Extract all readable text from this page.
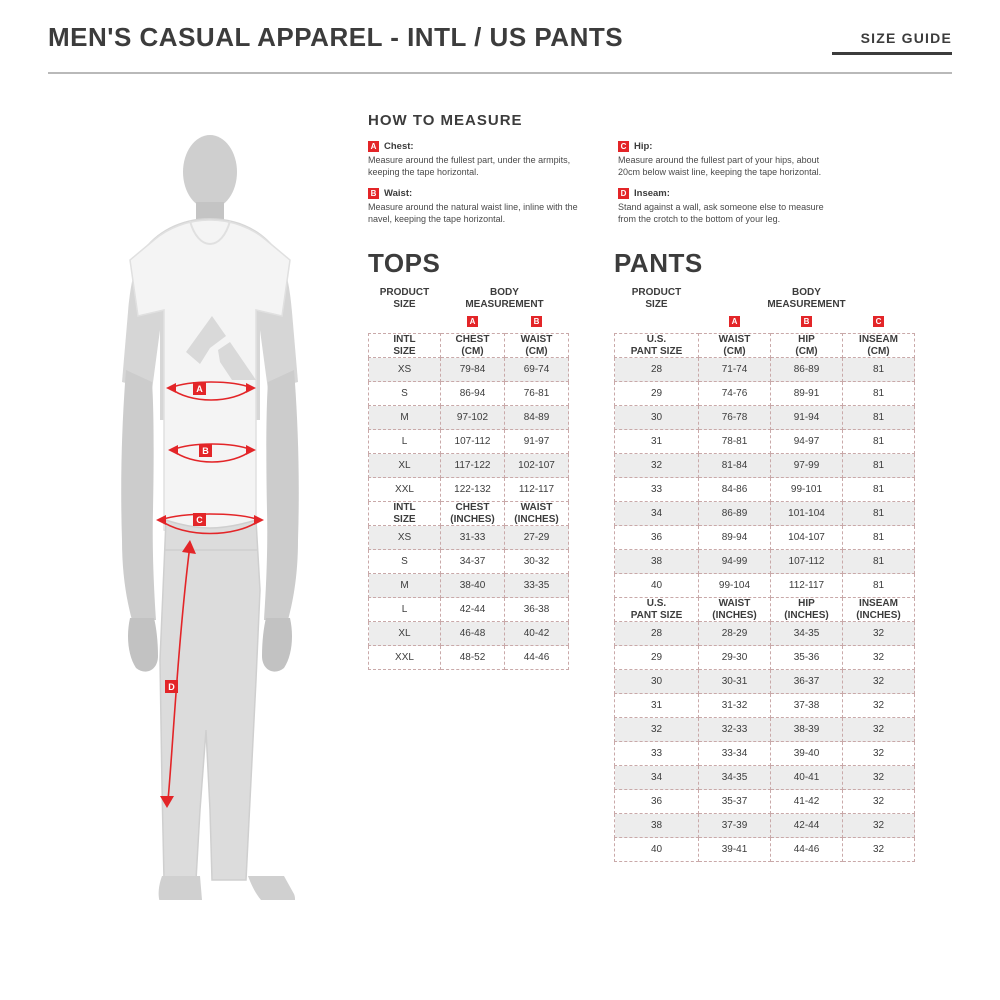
MEN'S CASUAL APPAREL - INTL / US PANTS	SIZE GUIDE
A
B
C
D
HOW TO MEASURE
A Chest:
Measure around the fullest part, under the armpits, keeping the tape horizontal.
B Waist:
Measure around the natural waist line, inline with the navel, keeping the tape horizontal.
C Hip:
Measure around the fullest part of your hips, about 20cm below waist line, keeping the tape horizontal.
D Inseam:
Stand against a wall, ask someone else to measure from the crotch to the bottom of your leg.
TOPS
PRODUCT
SIZE

BODY
MEASUREMENT

	A	B

INTL
SIZE

CHEST
(CM)

WAIST
(CM)

XS	79-84	69-74
S	86-94	76-81
M	97-102	84-89
L	107-112	91-97
XL	117-122	102-107
XXL	122-132	112-117

INTL
SIZE

CHEST
(INCHES)

WAIST
(INCHES)

XS	31-33	27-29
S	34-37	30-32
M	38-40	33-35
L	42-44	36-38
XL	46-48	40-42
XXL	48-52	44-46
PANTS
PRODUCT
SIZE

BODY
MEASUREMENT

	A	B	C

U.S.
PANT SIZE

WAIST
(CM)

HIP
(CM)

INSEAM
(CM)

28	71-74	86-89	81
29	74-76	89-91	81
30	76-78	91-94	81
31	78-81	94-97	81
32	81-84	97-99	81
33	84-86	99-101	81
34	86-89	101-104	81
36	89-94	104-107	81
38	94-99	107-112	81
40	99-104	112-117	81

U.S.
PANT SIZE

WAIST
(INCHES)

HIP
(INCHES)

INSEAM
(INCHES)

28	28-29	34-35	32
29	29-30	35-36	32
30	30-31	36-37	32
31	31-32	37-38	32
32	32-33	38-39	32
33	33-34	39-40	32
34	34-35	40-41	32
36	35-37	41-42	32
38	37-39	42-44	32
40	39-41	44-46	32
